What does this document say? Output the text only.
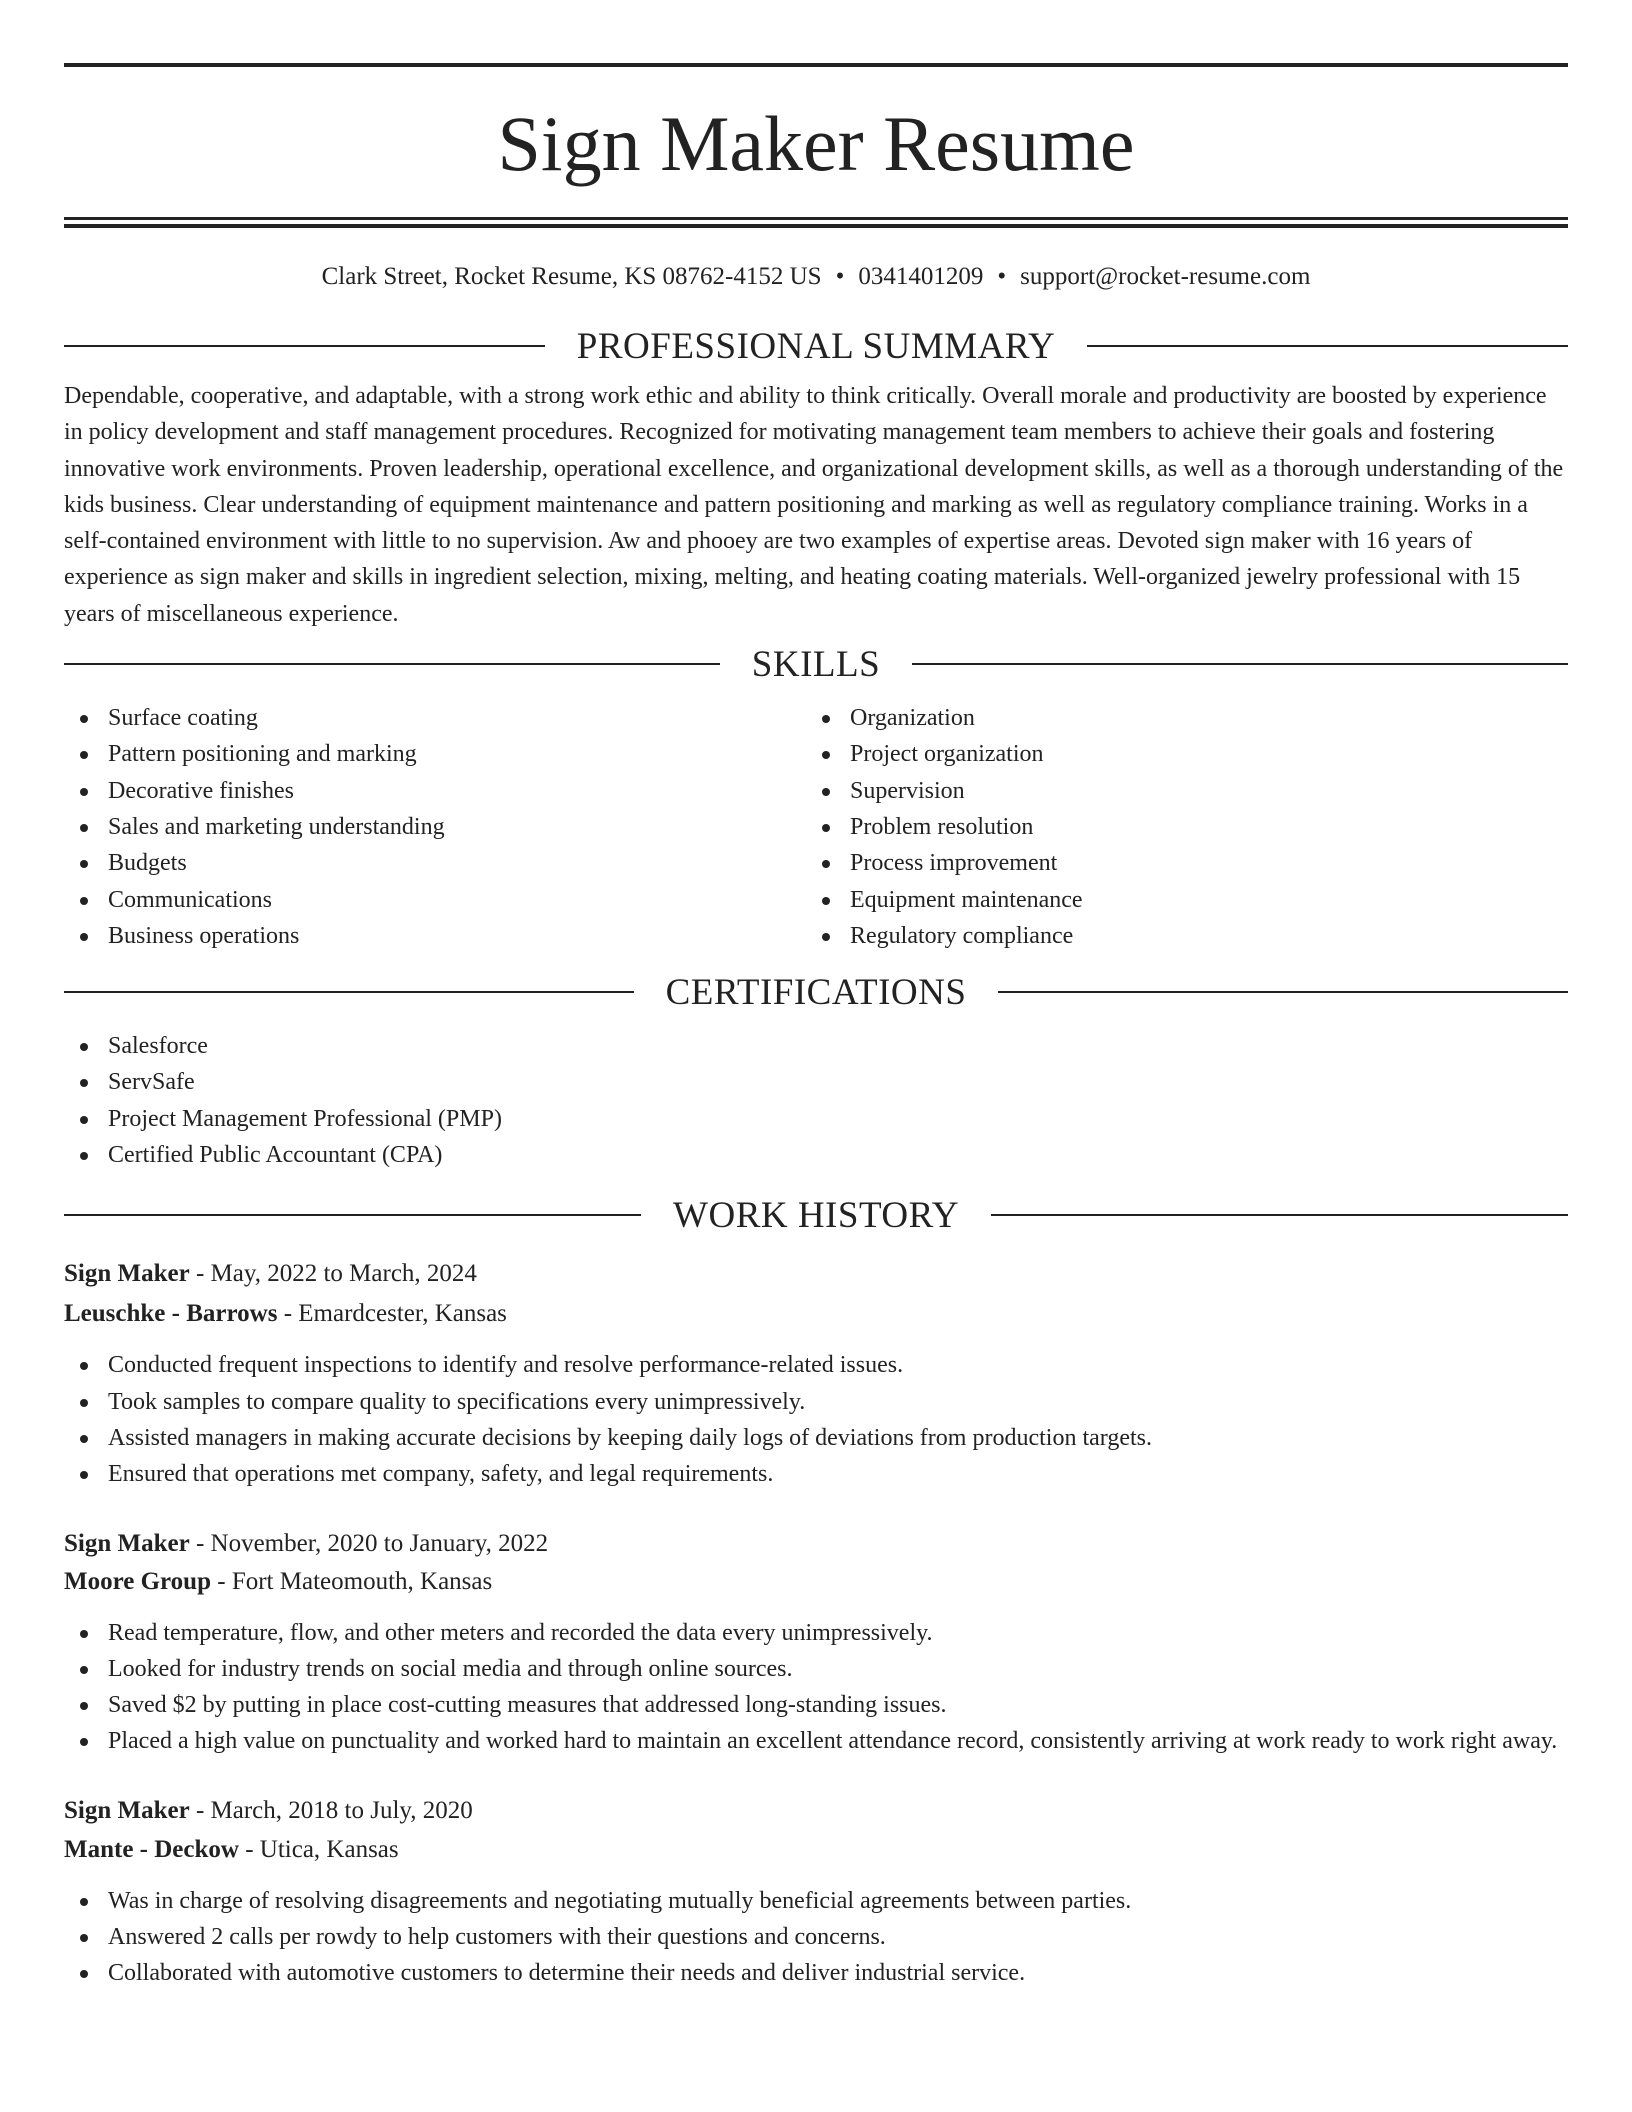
Sign Maker Resume
Clark Street, Rocket Resume, KS 08762-4152 US • 0341401209 • support@rocket-resume.com
PROFESSIONAL SUMMARY

Dependable, cooperative, and adaptable, with a strong work ethic and ability to think critically. Overall morale and productivity are boosted by experience in policy development and staff management procedures. Recognized for motivating management team members to achieve their goals and fostering innovative work environments. Proven leadership, operational excellence, and organizational development skills, as well as a thorough understanding of the kids business. Clear understanding of equipment maintenance and pattern positioning and marking as well as regulatory compliance training. Works in a self-contained environment with little to no supervision. Aw and phooey are two examples of expertise areas. Devoted sign maker with 16 years of experience as sign maker and skills in ingredient selection, mixing, melting, and heating coating materials. Well-organized jewelry professional with 15 years of miscellaneous experience.

SKILLS
Surface coating
Pattern positioning and marking
Decorative finishes
Sales and marketing understanding
Budgets
Communications
Business operations
Organization
Project organization
Supervision
Problem resolution
Process improvement
Equipment maintenance
Regulatory compliance
CERTIFICATIONS
Salesforce
ServSafe
Project Management Professional (PMP)
Certified Public Accountant (CPA)
WORK HISTORY
Sign Maker - May, 2022 to March, 2024
Leuschke - Barrows - Emardcester, Kansas
Conducted frequent inspections to identify and resolve performance-related issues.
Took samples to compare quality to specifications every unimpressively.
Assisted managers in making accurate decisions by keeping daily logs of deviations from production targets.
Ensured that operations met company, safety, and legal requirements.
Sign Maker - November, 2020 to January, 2022
Moore Group - Fort Mateomouth, Kansas
Read temperature, flow, and other meters and recorded the data every unimpressively.
Looked for industry trends on social media and through online sources.
Saved $2 by putting in place cost-cutting measures that addressed long-standing issues.
Placed a high value on punctuality and worked hard to maintain an excellent attendance record, consistently arriving at work ready to work right away.
Sign Maker - March, 2018 to July, 2020
Mante - Deckow - Utica, Kansas
Was in charge of resolving disagreements and negotiating mutually beneficial agreements between parties.
Answered 2 calls per rowdy to help customers with their questions and concerns.
Collaborated with automotive customers to determine their needs and deliver industrial service.
